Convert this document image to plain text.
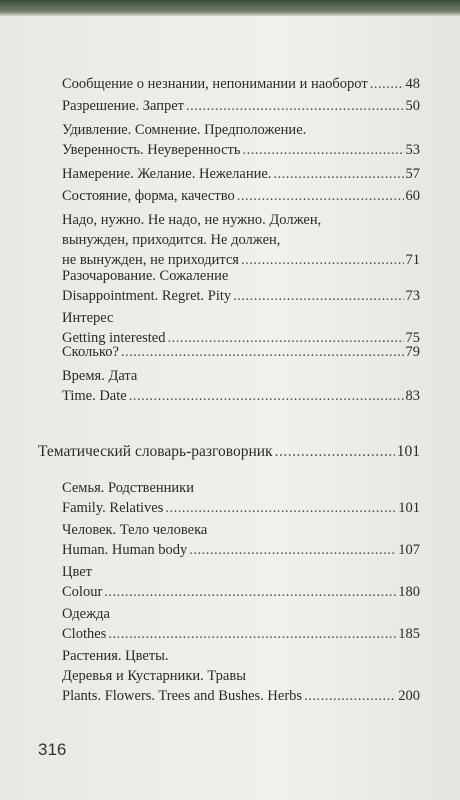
Сообщение о незнании, непонимании и наоборот .....	48
Разрешение. Запрет .....	50
Удивление. Сомнение. Предположение.
Уверенность. Неуверенность .....	53
Намерение. Желание. Нежелание. .....	57
Состояние, форма, качество .....	60
Надо, нужно. Не надо, не нужно. Должен,
вынужден, приходится. Не должен,
не вынужден, не приходится .....	71
Разочарование. Сожаление
Disappointment. Regret. Pity .....	73
Интерес
Getting interested .....	75
Сколько? .....	79
Время. Дата
Time. Date .....	83
Тематический словарь-разговорник .....	101
Семья. Родственники
Family. Relatives .....	101
Человек. Тело человека
Human. Human body .....	107
Цвет
Colour .....	180
Одежда
Clothes .....	185
Растения. Цветы.
Деревья и Кустарники. Травы
Plants. Flowers. Trees and Bushes. Herbs .....	200
316
